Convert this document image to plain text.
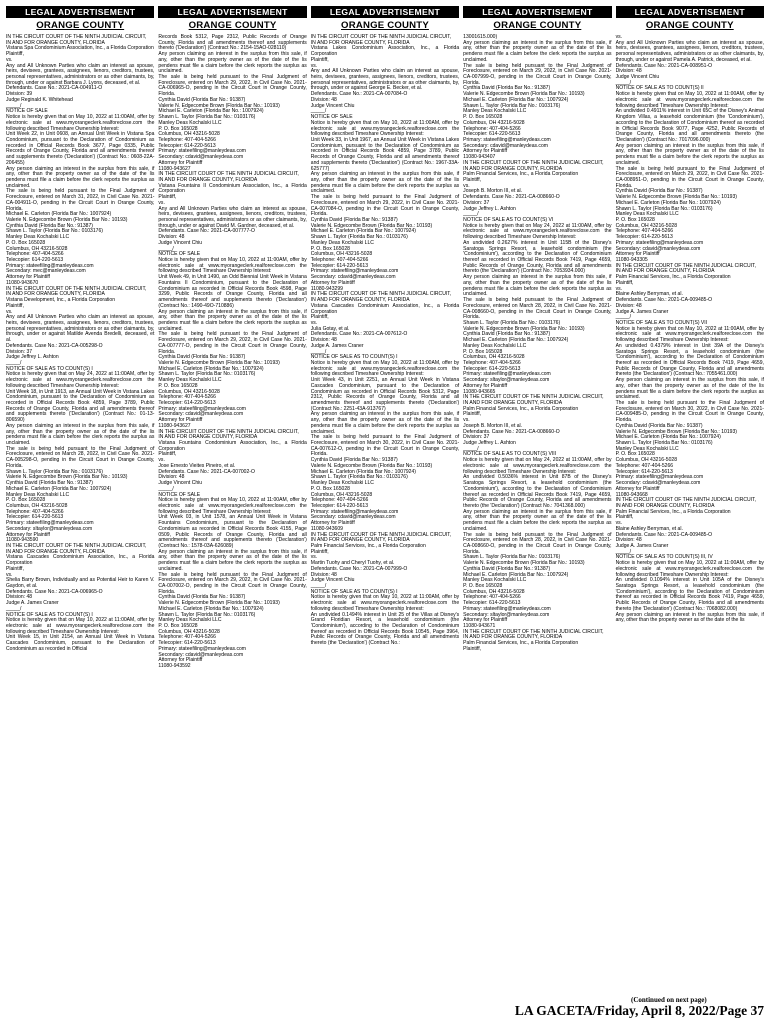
LEGAL ADVERTISEMENT
ORANGE COUNTY
IN THE CIRCUIT COURT OF THE NINTH JUDICIAL CIRCUIT,
IN AND FOR ORANGE COUNTY, FLORIDA
Vistana Spa Condominium Association, Inc., a Florida Corporation
Plaintiff,
vs.
Any and All Unknown Parties who claim an interest as spouse, heirs, devisees, grantees, assignees, lienors, creditors, trustees, personal representatives, administrators or as other claimants, by, through, under or against Barbara J. Lyons, deceased, et al.
Defendants. Case No.: 2021-CA-004911-O
Division: 39
Judge Reginald K. Whitehead
_____/
NOTICE OF SALE
Notice is hereby given that on May 10, 2022 at 11:00AM, offer by electronic sale at www.myorangeclerk.realforeclose.com the following described Timeshare Ownership Interest:
Unit Week 22, in Unit 0608, an Annual Unit Week in Vistana Spa Condominium, pursuant to the Declaration of Condominium as recorded in Official Records Book 3677, Page 0335, Public Records of Orange County, Florida and all amendments thereof and supplements thereto ('Declaration') (Contract No.: 0608-22A-206455)
Any person claiming an interest in the surplus from this sale, if any, other than the property owner as of the date of the lis pendens must file a claim before the clerk reports the surplus as unclaimed.
The sale is being held pursuant to the Final Judgment of Foreclosure, entered on March 31, 2022, in Civil Case No. 2021-CA-004911-O, pending in the Circuit Court in Orange County, Florida.
Michael E. Carleton (Florida Bar No.: 1007924)
Valerie N. Edgecombe Brown (Florida Bar No.: 10193)
Cynthia David (Florida Bar No.: 91387)
Shawn L. Taylor (Florida Bar No.: 0103176)
Manley Deas Kochalski LLC
P. O. Box 165028
Columbus, OH 43216-5028
Telephone: 407-404-5266
Telecopier: 614-220-5613
Primary: stateefiling@manleydeas.com
Secondary: mec@manleydeas.com
Attorney for Plaintiff
11080-943670
IN THE CIRCUIT COURT OF THE NINTH JUDICIAL CIRCUIT,
IN AND FOR ORANGE COUNTY, FLORIDA
Vistana Development, Inc., a Florida Corporation
Plaintiff,
vs.
Any and All Unknown Parties who claim an interest as spouse, heirs, devisees, grantees, assignees, lienors, creditors, trustees, personal representatives, administrators or as other claimants, by, through, under or against Matilde Avenda Bredelli, deceased, et al.
Defendants. Case No.: 2021-CA-005298-O
Division: 37
Judge Jeffrey L. Ashton
_____/
NOTICE OF SALE AS TO COUNT(S) I
Notice is hereby given that on May 24, 2022 at 11:00AM, offer by electronic sale at www.myorangeclerk.realforeclose.com the following described Timeshare Ownership Interest:
Unit Week 18, in Unit 1913, an Annual Unit Week in Vistana Lakes Condominium, pursuant to the Declaration of Condominium as recorded in Official Records Book 4859, Page 3789, Public Records of Orange County, Florida and all amendments thereof and supplements thereto ('Declaration') (Contract No.: 01-13-806590)
Any person claiming an interest in the surplus from this sale, if any, other than the property owner as of the date of the lis pendens must file a claim before the clerk reports the surplus as unclaimed.
The sale is being held pursuant to the Final Judgment of Foreclosure, entered on March 28, 2022, in Civil Case No. 2021-CA-005298-O, pending in the Circuit Court in Orange County, Florida.
Shawn L. Taylor (Florida Bar No.: 0103176)
Valerie N. Edgecombe Brown (Florida Bar No.: 10193)
Cynthia David (Florida Bar No.: 91387)
Michael E. Carleton (Florida Bar No.: 1007924)
Manley Deas Kochalski LLC
P. O. Box 165028
Columbus, OH 43216-5028
Telephone: 407-404-5266
Telecopier: 614-220-5613
Primary: stateefiling@manleydeas.com
Secondary: sltaylor@manleydeas.com
Attorney for Plaintiff
11080-943590
IN THE CIRCUIT COURT OF THE NINTH JUDICIAL CIRCUIT,
IN AND FOR ORANGE COUNTY, FLORIDA
Vistana Cascades Condominium Association, Inc., a Florida Corporation
Plaintiff,
vs.
Shelia Barry Brown, Individually and as Potential Heir to Karen V. Gaydon, et al.
Defendants. Case No.: 2021-CA-006965-O
Division: 48
Judge A. James Craner
_____/
NOTICE OF SALE AS TO COUNT(S) I
Notice is hereby given that on May 10, 2022 at 11:00AM, offer by electronic sale at www.myorangeclerk.realforeclose.com the following described Timeshare Ownership Interest:
Unit Week 15, in Unit 2154, an Annual Unit Week in Vistana Cascades Condominium, pursuant to the Declaration of Condominium as recorded in Official
LEGAL ADVERTISEMENT
ORANGE COUNTY
Records Book 5312, Page 2312, Public Records of Orange County, Florida and all amendments thereof and supplements thereto ('Declaration') (Contract No.: 2154-15AO-028110)
Any person claiming an interest in the surplus from this sale, if any, other than the property owner as of the date of the lis pendens must file a claim before the clerk reports the surplus as unclaimed.
The sale is being held pursuant to the Final Judgment of Foreclosure, entered on March 29, 2022, in Civil Case No. 2021-CA-006965-O, pending in the Circuit Court in Orange County, Florida.
Cynthia David (Florida Bar No.: 91387)
Valerie N. Edgecombe Brown (Florida Bar No.: 10193)
Michael E. Carleton (Florida Bar No.: 1007924)
Shawn L. Taylor (Florida Bar No.: 0103176)
Manley Deas Kochalski LLC
P. O. Box 165028
Columbus, OH 43216-5028
Telephone: 407-404-5266
Telecopier: 614-220-5613
Primary: stateefiling@manleydeas.com
Secondary: cdavid@manleydeas.com
Attorney for Plaintiff
11080-943627
IN THE CIRCUIT COURT OF THE NINTH JUDICIAL CIRCUIT,
IN AND FOR ORANGE COUNTY, FLORIDA
Vistana Fountains II Condominium Association, Inc., a Florida Corporation
Plaintiff,
vs.
Any and All Unknown Parties who claim an interest as spouse, heirs, devisees, grantees, assignees, lienors, creditors, trustees, personal representatives, administrators or as other claimants, by, through, under or against David M. Gardner, deceased, et al.
Defendants. Case No.: 2021-CA-007777-O
Division: 48
Judge Vincent Chiu
_____/
NOTICE OF SALE
Notice is hereby given that on May 10, 2022 at 11:00AM, offer by electronic sale at www.myorangeclerk.realforeclose.com the following described Timeshare Ownership Interest:
Unit Week 49, in Unit 1490, an Odd Biennial Unit Week in Vistana Fountains II Condominium, pursuant to the Declaration of Condominium as recorded in Official Records Book 4598, Page 3299, Public Records of Orange County, Florida and all amendments thereof and supplements thereto ('Declaration') (Contract No.: 1490-49O-710886)
Any person claiming an interest in the surplus from this sale, if any, other than the property owner as of the date of the lis pendens must file a claim before the clerk reports the surplus as unclaimed.
The sale is being held pursuant to the Final Judgment of Foreclosure, entered on March 29, 2022, in Civil Case No. 2021-CA-007777-O, pending in the Circuit Court in Orange County, Florida.
Cynthia David (Florida Bar No.: 91387)
Valerie N. Edgecombe Brown (Florida Bar No.: 10193)
Michael E. Carleton (Florida Bar No.: 1007924)
Shawn L. Taylor (Florida Bar No.: 0103176)
Manley Deas Kochalski LLC
P. O. Box 165028
Columbus, OH 43216-5028
Telephone: 407-404-5266
Telecopier: 614-220-5613
Primary: stateefiling@manleydeas.com
Secondary: cdavid@manleydeas.com
Attorney for Plaintiff
11080-943627
IN THE CIRCUIT COURT OF THE NINTH JUDICIAL CIRCUIT,
IN AND FOR ORANGE COUNTY, FLORIDA
Vistana Fountains Condominium Association, Inc., a Florida Corporation
Plaintiff,
vs.
Jose Ernesto Vieites Pineiro, et al.
Defendants. Case No.: 2021-CA-007002-O
Division: 48
Judge Vincent Chiu
_____/
NOTICE OF SALE
Notice is hereby given that on May 10, 2022 at 11:00AM, offer by electronic sale at www.myorangeclerk.realforeclose.com the following described Timeshare Ownership Interest:
Unit Week 03, in Unit 1578, an Annual Unit Week in Vistana Fountains Condominium, pursuant to the Declaration of Condominium as recorded in Official Records Book 4155, Page 0509, Public Records of Orange County, Florida and all amendments thereof and supplements thereto ('Declaration') (Contract No.: 1578-03A-626089)
Any person claiming an interest in the surplus from this sale, if any, other than the property owner as of the date of the lis pendens must file a claim before the clerk reports the surplus as unclaimed.
The sale is being held pursuant to the Final Judgment of Foreclosure, entered on March 29, 2022, in Civil Case No. 2021-CA-007002-O, pending in the Circuit Court in Orange County, Florida.
Cynthia David (Florida Bar No.: 91387)
Valerie N. Edgecombe Brown (Florida Bar No.: 10193)
Michael E. Carleton (Florida Bar No.: 1007924)
Shawn L. Taylor (Florida Bar No.: 0103176)
Manley Deas Kochalski LLC
P. O. Box 165028
Columbus, OH 43216-5028
Telephone: 407-404-5266
Telecopier: 614-220-5613
Primary: stateefiling@manleydeas.com
Secondary: cdavid@manleydeas.com
Attorney for Plaintiff
11080-943592
LEGAL ADVERTISEMENT
ORANGE COUNTY
IN THE CIRCUIT COURT OF THE NINTH JUDICIAL CIRCUIT,
IN AND FOR ORANGE COUNTY, FLORIDA
Vistana Lakes Condominium Association, Inc., a Florida Corporation
Plaintiff,
vs.
Any and All Unknown Parties who claim an interest as spouse, heirs, devisees, grantees, assignees, lienors, creditors, trustees, personal representatives, administrators or as other claimants, by, through, under or against George E. Becker, et al.
Defendants. Case No.: 2021-CA-007084-O
Division: 48
Judge Vincent Chiu
_____/
NOTICE OF SALE
Notice is hereby given that on May 10, 2022 at 11:00AM, offer by electronic sale at www.myorangeclerk.realforeclose.com the following described Timeshare Ownership Interest:
Unit Week 33, in Unit 1967, an Annual Unit Week in Vistana Lakes Condominium, pursuant to the Declaration of Condominium as recorded in Official Records Book 4859, Page 3789, Public Records of Orange County, Florida and all amendments thereof and supplements thereto ('Declaration') (Contract No.: 1967-33A-625777)
Any person claiming an interest in the surplus from this sale, if any, other than the property owner as of the date of the lis pendens must file a claim before the clerk reports the surplus as unclaimed.
The sale is being held pursuant to the Final Judgment of Foreclosure, entered on March 29, 2022, in Civil Case No. 2021-CA-007084-O, pending in the Circuit Court in Orange County, Florida.
Cynthia David (Florida Bar No.: 91387)
Valerie N. Edgecombe Brown (Florida Bar No.: 10193)
Michael E. Carleton (Florida Bar No.: 1007924)
Shawn L. Taylor (Florida Bar No.: 0103176)
Manley Deas Kochalski LLC
P. O. Box 165028
Columbus, OH 43216-5028
Telephone: 407-404-5266
Telecopier: 614-220-5613
Primary: stateefiling@manleydeas.com
Secondary: cdavid@manleydeas.com
Attorney for Plaintiff
11080-943299
IN THE CIRCUIT COURT OF THE NINTH JUDICIAL CIRCUIT,
IN AND FOR ORANGE COUNTY, FLORIDA
Vistana Cascades Condominium Association, Inc., a Florida Corporation
Plaintiff,
vs.
Julia Gotay, et al.
Defendants. Case No.: 2021-CA-007612-O
Division: 48
Judge A. James Craner
_____/
NOTICE OF SALE AS TO COUNT(S) I
Notice is hereby given that on May 10, 2022 at 11:00AM, offer by electronic sale at www.myorangeclerk.realforeclose.com the following described Timeshare Ownership Interest:
Unit Week 43, in Unit 2251, an Annual Unit Week in Vistana Cascades Condominium, pursuant to the Declaration of Condominium as recorded in Official Records Book 5312, Page 2312, Public Records of Orange County, Florida and all amendments thereof and supplements thereto ('Declaration') (Contract No.: 2251-43A-913767)
Any person claiming an interest in the surplus from this sale, if any, other than the property owner as of the date of the lis pendens must file a claim before the clerk reports the surplus as unclaimed.
The sale is being held pursuant to the Final Judgment of Foreclosure, entered on March 30, 2022, in Civil Case No. 2021-CA-007612-O, pending in the Circuit Court in Orange County, Florida.
Cynthia David (Florida Bar No.: 91387)
Valerie N. Edgecombe Brown (Florida Bar No.: 10193)
Michael E. Carleton (Florida Bar No.: 1007924)
Shawn L. Taylor (Florida Bar No.: 0103176)
Manley Deas Kochalski LLC
P. O. Box 165028
Columbus, OH 43216-5028
Telephone: 407-404-5266
Telecopier: 614-220-5613
Primary: stateefiling@manleydeas.com
Secondary: cdavid@manleydeas.com
Attorney for Plaintiff
11080-943609
IN THE CIRCUIT COURT OF THE NINTH JUDICIAL CIRCUIT,
IN AND FOR ORANGE COUNTY, FLORIDA
Palm Financial Services, Inc., a Florida Corporation
Plaintiff,
vs.
Martin Tuohy and Cheryl Tuohy, et al.
Defendants. Case No.: 2021-CA-007999-O
Division: 48
Judge Vincent Chiu
_____/
NOTICE OF SALE AS TO COUNT(S) I
Notice is hereby given that on May 10, 2022 at 11:00AM, offer by electronic sale at www.myorangeclerk.realforeclose.com the following described Timeshare Ownership Interest:
An undivided 0.1494% interest in Unit 25 of the Villas at Disney's Grand Floridian Resort, a leasehold condominium (the 'Condominium'), according to the Declaration of Condominium thereof as recorded in Official Records Book 10545, Page 3964, Public Records of Orange County, Florida and all amendments thereto (the 'Declaration') (Contract No.:
LEGAL ADVERTISEMENT
ORANGE COUNTY
13001615.000)
Any person claiming an interest in the surplus from this sale, if any, other than the property owner as of the date of the lis pendens must file a claim before the clerk reports the surplus as unclaimed.
The sale is being held pursuant to the Final Judgment of Foreclosure, entered on March 29, 2022, in Civil Case No. 2021-CA-007999-O, pending in the Circuit Court in Orange County, Florida.
Cynthia David (Florida Bar No.: 91387)
Valerie N. Edgecombe Brown (Florida Bar No.: 10193)
Michael E. Carleton (Florida Bar No.: 1007924)
Shawn L. Taylor (Florida Bar No.: 0103176)
Manley Deas Kochalski LLC
P. O. Box 165028
Columbus, OH 43216-5028
Telephone: 407-404-5266
Telecopier: 614-220-5613
Primary: stateefiling@manleydeas.com
Secondary: cdavid@manleydeas.com
Attorney for Plaintiff
11080-943407
IN THE CIRCUIT COURT OF THE NINTH JUDICIAL CIRCUIT,
IN AND FOR ORANGE COUNTY, FLORIDA
Palm Financial Services, Inc., a Florida Corporation
Plaintiff,
vs.
Joseph B. Morton III, et al.
Defendants. Case No.: 2021-CA-008660-O
Division: 37
Judge Jeffrey L. Ashton
_____/
NOTICE OF SALE AS TO COUNT(S) VI
Notice is hereby given that on May 24, 2022 at 11:00AM, offer by electronic sale at www.myorangeclerk.realforeclose.com the following described Timeshare Ownership Interest:
An undivided 0.2627% interest in Unit 115B of the Disney's Saratoga Springs Resort, a leasehold condominium (the 'Condominium'), according to the Declaration of Condominium thereof as recorded in Official Records Book 7419, Page 4659, Public Records of Orange County, Florida and all amendments thereto (the 'Declaration') (Contract No.: 7053934.000)
Any person claiming an interest in the surplus from this sale, if any, other than the property owner as of the date of the lis pendens must file a claim before the clerk reports the surplus as unclaimed.
The sale is being held pursuant to the Final Judgment of Foreclosure, entered on March 28, 2022, in Civil Case No. 2021-CA-008660-O, pending in the Circuit Court in Orange County, Florida.
Shawn L. Taylor (Florida Bar No.: 0103176)
Valerie N. Edgecombe Brown (Florida Bar No.: 10193)
Cynthia David (Florida Bar No.: 91387)
Michael E. Carleton (Florida Bar No.: 1007924)
Manley Deas Kochalski LLC
P. O. Box 165028
Columbus, OH 43216-5028
Telephone: 407-404-5266
Telecopier: 614-220-5613
Primary: stateefiling@manleydeas.com
Secondary: sltaylor@manleydeas.com
Attorney for Plaintiff
11080-943665
IN THE CIRCUIT COURT OF THE NINTH JUDICIAL CIRCUIT,
IN AND FOR ORANGE COUNTY, FLORIDA
Palm Financial Services, Inc., a Florida Corporation
Plaintiff,
vs.
Joseph B. Morton III, et al.
Defendants. Case No.: 2021-CA-008660-O
Division: 37
Judge Jeffrey L. Ashton
_____/
NOTICE OF SALE AS TO COUNT(S) VIII
Notice is hereby given that on May 24, 2022 at 11:00AM, offer by electronic sale at www.myorangeclerk.realforeclose.com the following described Timeshare Ownership Interest:
An undivided 0.5036% interest in Unit 87B of the Disney's Saratoga Springs Resort, a leasehold condominium (the 'Condominium'), according to the Declaration of Condominium thereof as recorded in Official Records Book 7419, Page 4659, Public Records of Orange County, Florida and all amendments thereto (the 'Declaration') (Contract No.: 7041368.000)
Any person claiming an interest in the surplus from this sale, if any, other than the property owner as of the date of the lis pendens must file a claim before the clerk reports the surplus as unclaimed.
The sale is being held pursuant to the Final Judgment of Foreclosure, entered on March 28, 2022, in Civil Case No. 2021-CA-008660-O, pending in the Circuit Court in Orange County, Florida.
Shawn L. Taylor (Florida Bar No.: 0103176)
Valerie N. Edgecombe Brown (Florida Bar No.: 10193)
Cynthia David (Florida Bar No.: 91387)
Michael E. Carleton (Florida Bar No.: 1007924)
Manley Deas Kochalski LLC
P. O. Box 165028
Columbus, OH 43216-5028
Telephone: 407-404-5266
Telecopier: 614-220-5613
Primary: stateefiling@manleydeas.com
Secondary: sltaylor@manleydeas.com
Attorney for Plaintiff
11080-943671
IN THE CIRCUIT COURT OF THE NINTH JUDICIAL CIRCUIT,
IN AND FOR ORANGE COUNTY, FLORIDA
Palm Financial Services, Inc., a Florida Corporation
Plaintiff,
LEGAL ADVERTISEMENT
ORANGE COUNTY
vs.
Any and All Unknown Parties who claim an interest as spouse, heirs, devisees, grantees, assignees, lienors, creditors, trustees, personal representatives, administrators or as other claimants, by, through, under or against Pamela A. Patrick, deceased, et al.
Defendants. Case No.: 2021-CA-008951-O
Division: 48
Judge Vincent Chiu
_____/
NOTICE OF SALE AS TO COUNT(S) II
Notice is hereby given that on May 10, 2022 at 11:00AM, offer by electronic sale at www.myorangeclerk.realforeclose.com the following described Timeshare Ownership Interest:
An undivided 0.4911% interest in Unit 65C of the Disney's Animal Kingdom Villas, a leasehold condominium (the 'Condominium'), according to the Declaration of Condominium thereof as recorded in Official Records Book 9077, Page 4252, Public Records of Orange County, Florida and all amendments thereto (the 'Declaration') (Contract No.: 7017096.000)
Any person claiming an interest in the surplus from this sale, if any, other than the property owner as of the date of the lis pendens must file a claim before the clerk reports the surplus as unclaimed.
The sale is being held pursuant to the Final Judgment of Foreclosure, entered on March 29, 2022, in Civil Case No. 2021-CA-008951-O, pending in the Circuit Court in Orange County, Florida.
Cynthia David (Florida Bar No.: 91387)
Valerie N. Edgecombe Brown (Florida Bar No.: 10193)
Michael E. Carleton (Florida Bar No.: 1007924)
Shawn L. Taylor (Florida Bar No.: 0103176)
Manley Deas Kochalski LLC
P. O. Box 165028
Columbus, OH 43216-5028
Telephone: 407-404-5266
Telecopier: 614-220-5613
Primary: stateefiling@manleydeas.com
Secondary: cdavid@manleydeas.com
Attorney for Plaintiff
11080-943305
IN THE CIRCUIT COURT OF THE NINTH JUDICIAL CIRCUIT,
IN AND FOR ORANGE COUNTY, FLORIDA
Palm Financial Services, Inc., a Florida Corporation
Plaintiff,
vs.
Blaine Ashley Berryman, et al.
Defendants. Case No.: 2021-CA-009485-O
Division: 48
Judge A. James Craner
_____/
NOTICE OF SALE AS TO COUNT(S) VII
Notice is hereby given that on May 10, 2022 at 11:00AM, offer by electronic sale at www.myorangeclerk.realforeclose.com the following described Timeshare Ownership Interest:
An undivided 0.4379% interest in Unit 39A of the Disney's Saratoga Springs Resort, a leasehold condominium (the 'Condominium'), according to the Declaration of Condominium thereof as recorded in Official Records Book 7419, Page 4659, Public Records of Orange County, Florida and all amendments thereto (the 'Declaration') (Contract No.: 7055461.000)
Any person claiming an interest in the surplus from this sale, if any, other than the property owner as of the date of the lis pendens must file a claim before the clerk reports the surplus as unclaimed.
The sale is being held pursuant to the Final Judgment of Foreclosure, entered on March 30, 2022, in Civil Case No. 2021-CA-009485-O, pending in the Circuit Court in Orange County, Florida.
Cynthia David (Florida Bar No.: 91387)
Valerie N. Edgecombe Brown (Florida Bar No.: 10193)
Michael E. Carleton (Florida Bar No.: 1007924)
Shawn L. Taylor (Florida Bar No.: 0103176)
Manley Deas Kochalski LLC
P. O. Box 165028
Columbus, OH 43216-5028
Telephone: 407-404-5266
Telecopier: 614-220-5613
Primary: stateefiling@manleydeas.com
Secondary: cdavid@manleydeas.com
Attorney for Plaintiff
11080-943668
IN THE CIRCUIT COURT OF THE NINTH JUDICIAL CIRCUIT,
IN AND FOR ORANGE COUNTY, FLORIDA
Palm Financial Services, Inc., a Florida Corporation
Plaintiff,
vs.
Blaine Ashley Berryman, et al.
Defendants. Case No.: 2021-CA-009485-O
Division: 48
Judge A. James Craner
_____/
NOTICE OF SALE AS TO COUNT(S) III, IV
Notice is hereby given that on May 10, 2022 at 11:00AM, offer by electronic sale at www.myorangeclerk.realforeclose.com the following described Timeshare Ownership Interest:
An undivided 0.1094% interest in Unit 105A of the Disney's Saratoga Springs Resort, a leasehold condominium (the 'Condominium'), according to the Declaration of Condominium thereof as recorded in Official Records Book 7419, Page 4659, Public Records of Orange County, Florida and all amendments thereto (the 'Declaration') (Contract No.: 7068082.000)
Any person claiming an interest in the surplus from this sale, if any, other than the property owner as of the date of the lis
(Continued on next page)
LA GACETA/Friday, April 8, 2022/Page 37
